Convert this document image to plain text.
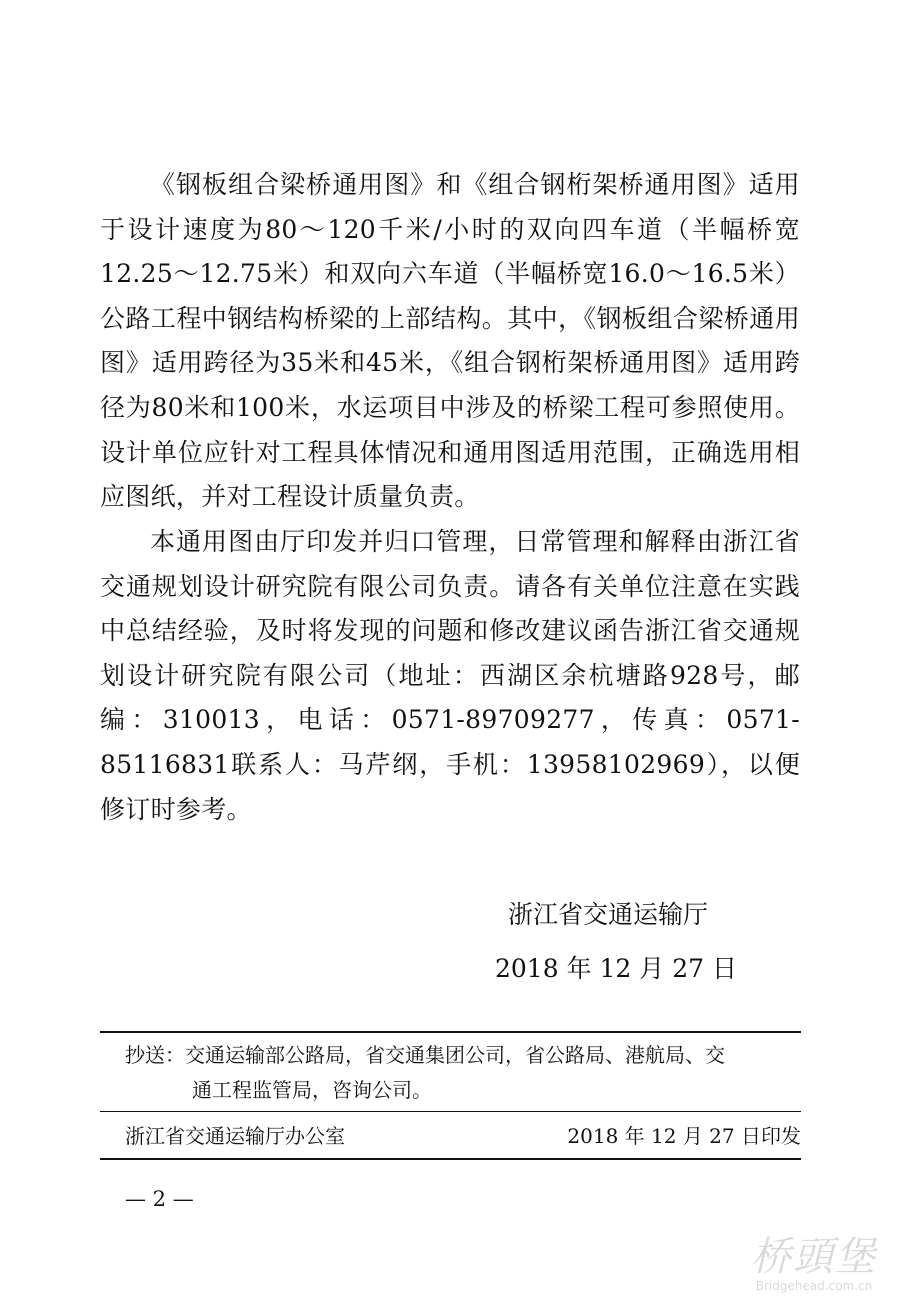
《钢板组合梁桥通用图》和《组合钢桁架桥通用图》适用于设计速度为80～120千米/小时的双向四车道（半幅桥宽12.25～12.75米）和双向六车道（半幅桥宽16.0～16.5米）公路工程中钢结构桥梁的上部结构。其中，《钢板组合梁桥通用图》适用跨径为35米和45米，《组合钢桁架桥通用图》适用跨径为80米和100米，水运项目中涉及的桥梁工程可参照使用。设计单位应针对工程具体情况和通用图适用范围，正确选用相应图纸，并对工程设计质量负责。

本通用图由厅印发并归口管理，日常管理和解释由浙江省交通规划设计研究院有限公司负责。请各有关单位注意在实践中总结经验，及时将发现的问题和修改建议函告浙江省交通规划设计研究院有限公司（地址：西湖区余杭塘路928号，邮编：310013，电话：0571-89709277，传真：0571-85116831联系人：马芹纲，手机：13958102969），以便修订时参考。

浙江省交通运输厅
2018 年 12 月 27 日
抄送：交通运输部公路局，省交通集团公司，省公路局、港航局、交
通工程监管局，咨询公司。
浙江省交通运输厅办公室	2018 年 12 月 27 日印发
— 2 —
桥頭堡
Bridgehead.com.cn
